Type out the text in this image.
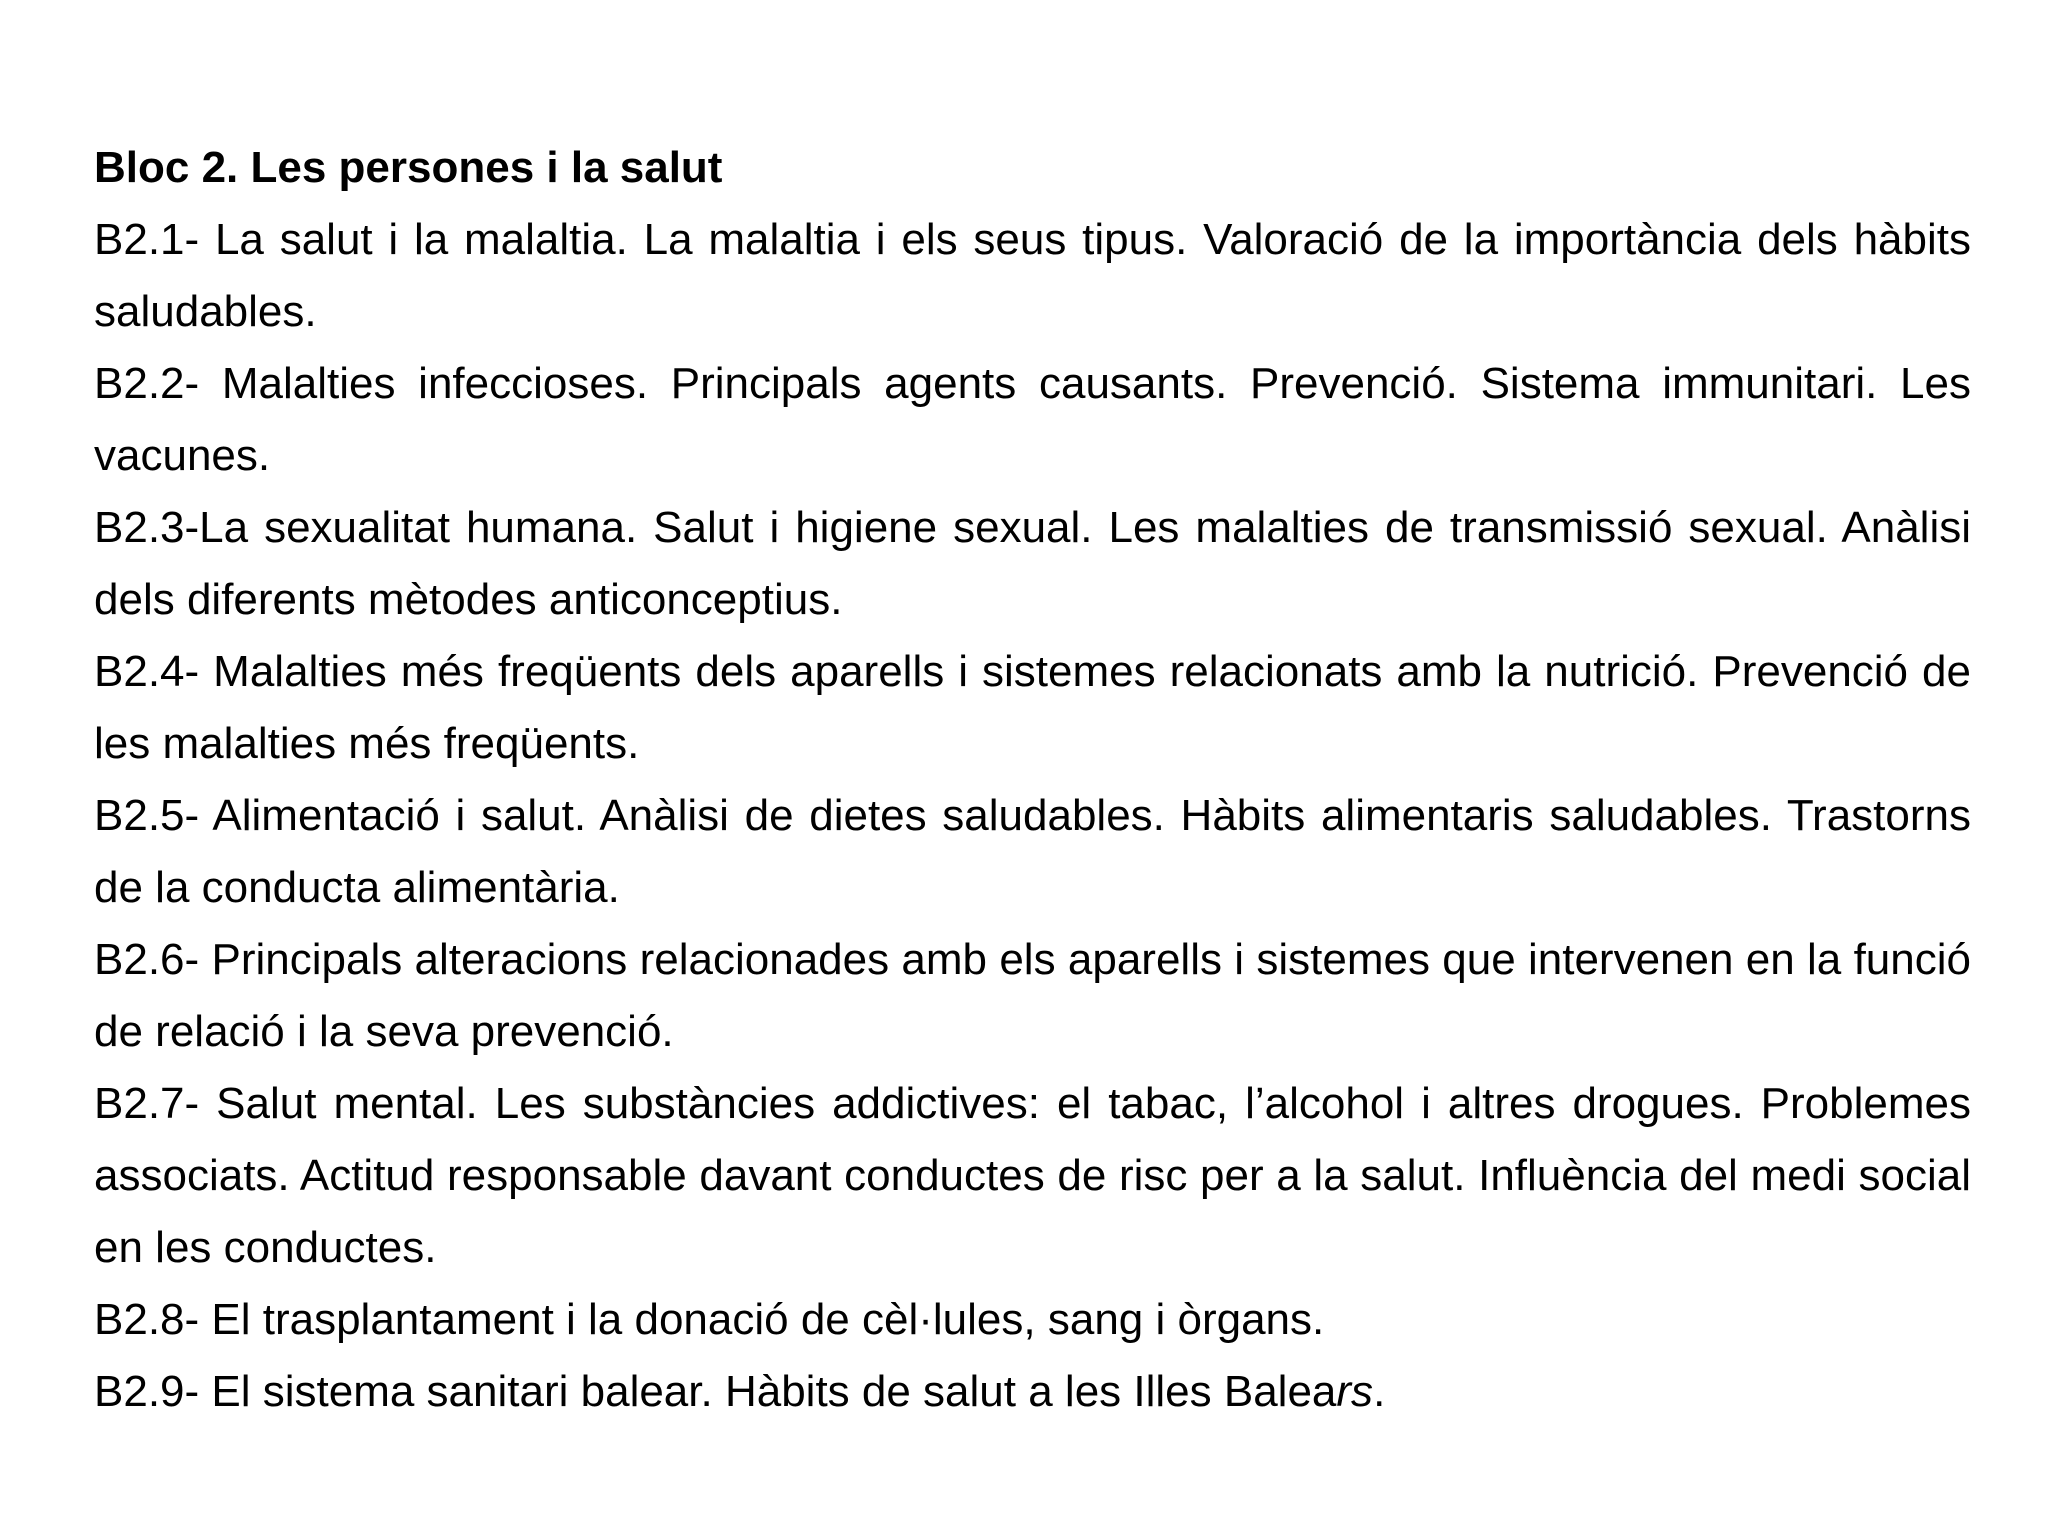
Bloc 2. Les persones i la salut

B2.1- La salut i la malaltia. La malaltia i els seus tipus. Valoració de la importància dels hàbits saludables.

B2.2- Malalties infeccioses. Principals agents causants. Prevenció. Sistema immunitari. Les vacunes.

B2.3-La sexualitat humana. Salut i higiene sexual. Les malalties de transmissió sexual. Anàlisi dels diferents mètodes anticonceptius.

B2.4- Malalties més freqüents dels aparells i sistemes relacionats amb la nutrició. Prevenció de les malalties més freqüents.

B2.5- Alimentació i salut. Anàlisi de dietes saludables. Hàbits alimentaris saludables. Trastorns de la conducta alimentària.

B2.6- Principals alteracions relacionades amb els aparells i sistemes que intervenen en la funció de relació i la seva prevenció.

B2.7- Salut mental. Les substàncies addictives: el tabac, l’alcohol i altres drogues. Problemes associats. Actitud responsable davant conductes de risc per a la salut. Influència del medi social en les conductes.

B2.8- El trasplantament i la donació de cèl·lules, sang i òrgans.

B2.9- El sistema sanitari balear. Hàbits de salut a les Illes Balears.
